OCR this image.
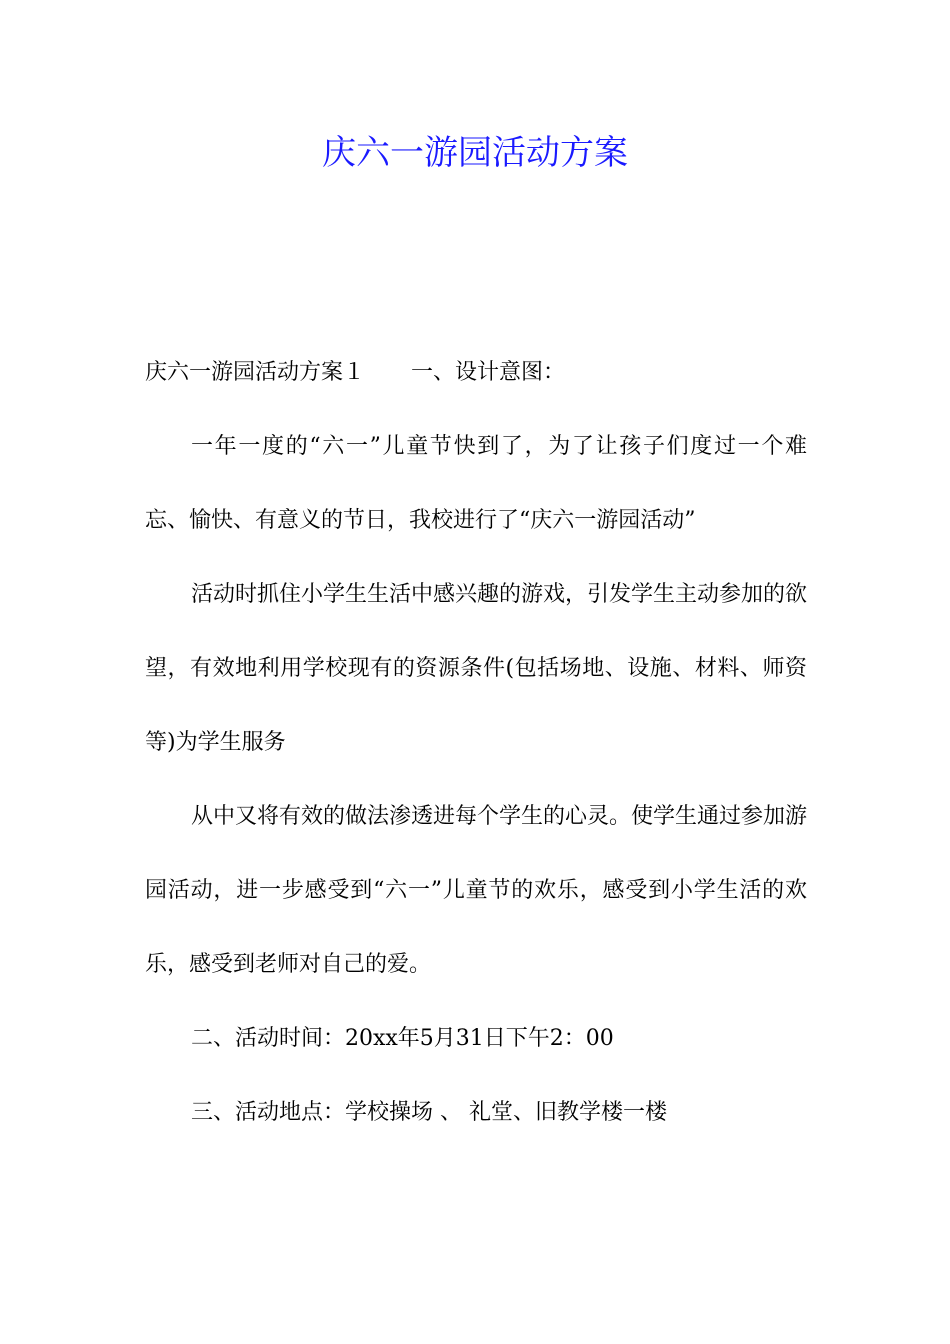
庆六一游园活动方案

庆六一游园活动方案１ 一、设计意图：

一年一度的“六一”儿童节快到了，为了让孩子们度过一个难忘、愉快、有意义的节日，我校进行了“庆六一游园活动”

活动时抓住小学生生活中感兴趣的游戏，引发学生主动参加的欲望，有效地利用学校现有的资源条件(包括场地、设施、材料、师资等)为学生服务

从中又将有效的做法渗透进每个学生的心灵。使学生通过参加游园活动，进一步感受到“六一”儿童节的欢乐，感受到小学生活的欢乐，感受到老师对自己的爱。

二、活动时间：20xx年5月31日下午2：00

三、活动地点：学校操场 、 礼堂、旧教学楼一楼
